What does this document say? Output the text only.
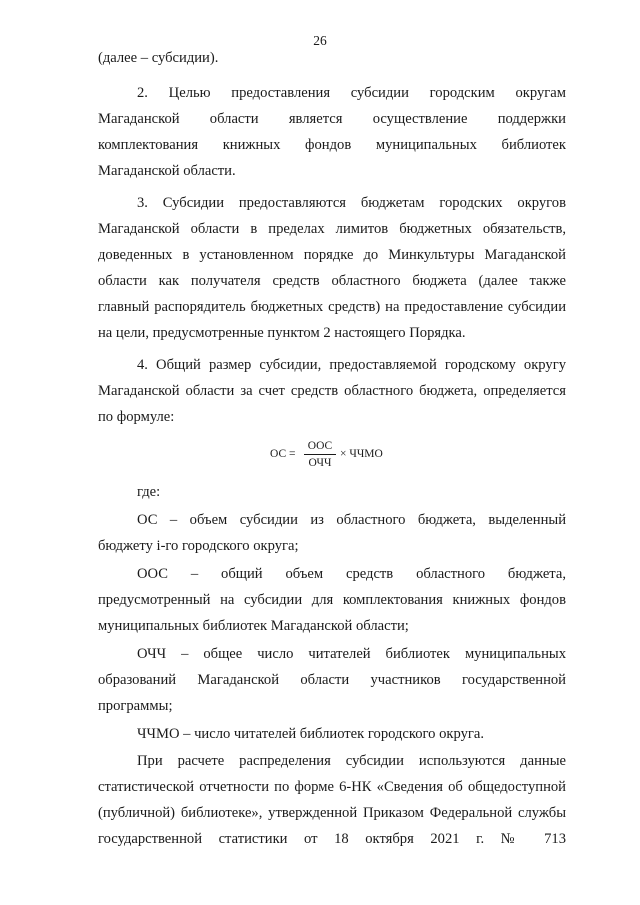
26
(далее – субсидии).
2. Целью предоставления субсидии городским округам
Магаданской области является осуществление поддержки
комплектования книжных фондов муниципальных библиотек
Магаданской области.
3. Субсидии предоставляются бюджетам городских округов
Магаданской области в пределах лимитов бюджетных обязательств,
доведенных в установленном порядке до Минкультуры Магаданской
области как получателя средств областного бюджета (далее также
главный распорядитель бюджетных средств) на предоставление субсидии
на цели, предусмотренные пунктом 2 настоящего Порядка.
4. Общий размер субсидии, предоставляемой городскому округу
Магаданской области за счет средств областного бюджета, определяется
по формуле:
где:
ОС – объем субсидии из областного бюджета, выделенный
бюджету i-го городского округа;
ООС – общий объем средств областного бюджета,
предусмотренный на субсидии для комплектования книжных фондов
муниципальных библиотек Магаданской области;
ОЧЧ – общее число читателей библиотек муниципальных
образований Магаданской области участников государственной
программы;
ЧЧМО – число читателей библиотек городского округа.
При расчете распределения субсидии используются данные
статистической отчетности по форме 6-НК «Сведения об общедоступной
(публичной) библиотеке», утвержденной Приказом Федеральной службы
государственной статистики от 18 октября 2021 г. № 713
ОС =
ООС
ОЧЧ
× ЧЧМО
